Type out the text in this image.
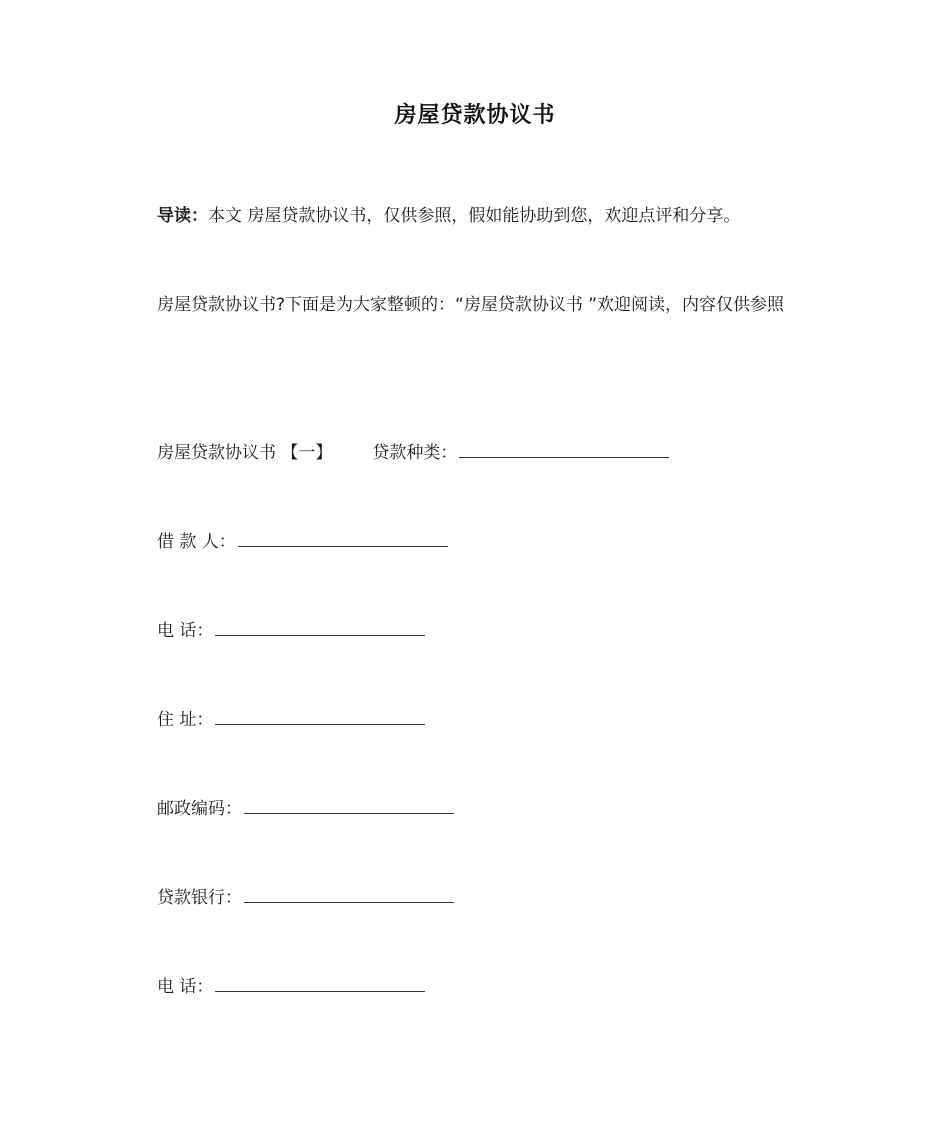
房屋贷款协议书
导读：本文 房屋贷款协议书，仅供参照，假如能协助到您，欢迎点评和分享。
房屋贷款协议书?下面是为大家整顿的：“房屋贷款协议书 ”欢迎阅读，内容仅供参照
房屋贷款协议书 【一】 贷款种类：
借 款 人：
电 话：
住 址：
邮政编码：
贷款银行：
电 话：
